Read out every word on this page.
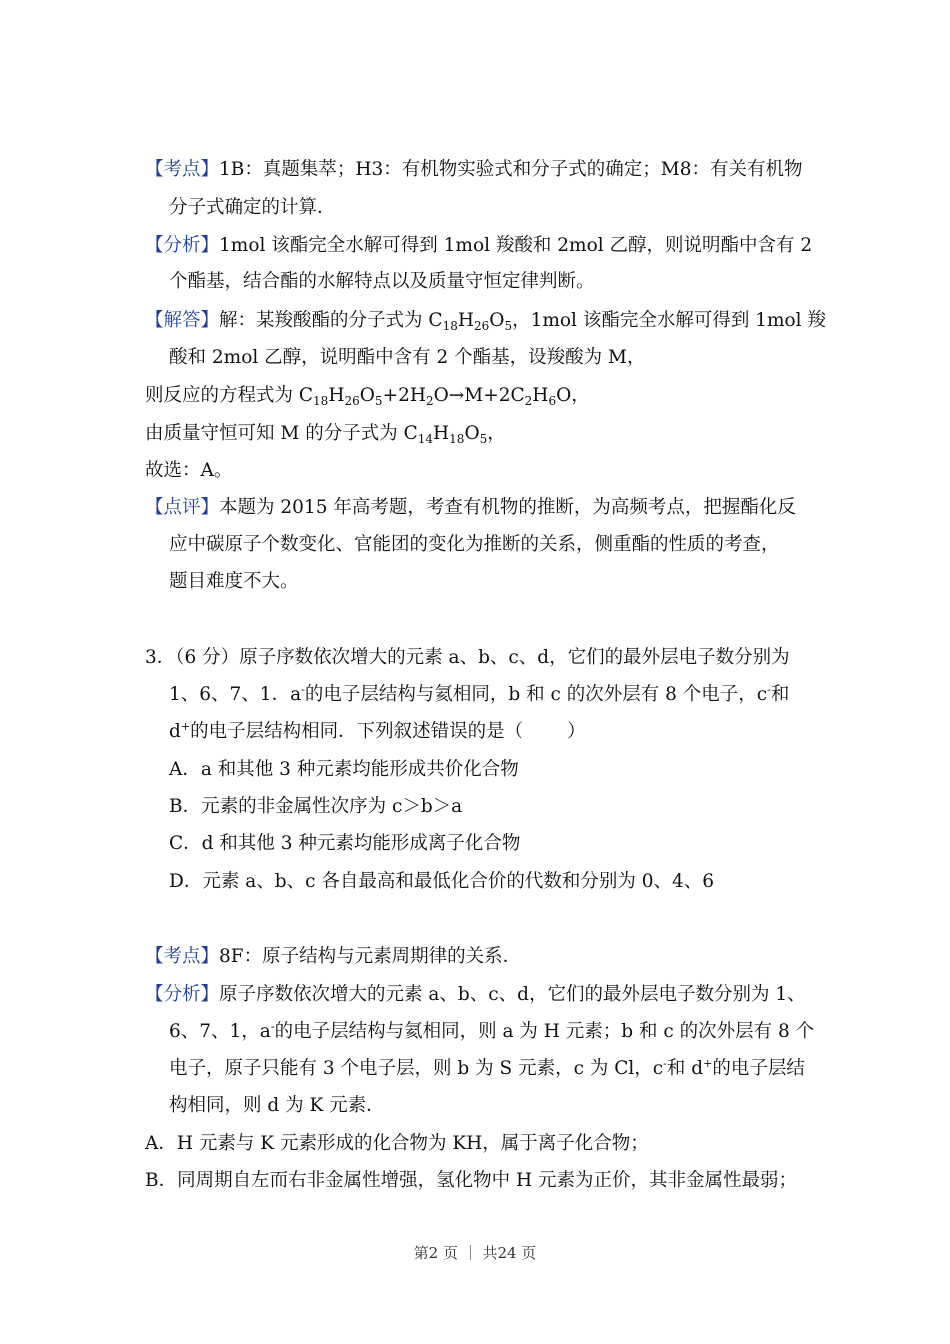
【考点】1B：真题集萃；H3：有机物实验式和分子式的确定；M8：有关有机物

分子式确定的计算．

【分析】1mol 该酯完全水解可得到 1mol 羧酸和 2mol 乙醇，则说明酯中含有 2

个酯基，结合酯的水解特点以及质量守恒定律判断。

【解答】解：某羧酸酯的分子式为 $C_{18}H_{26}O_5$，1mol 该酯完全水解可得到 1mol 羧

酸和 2mol 乙醇，说明酯中含有 2 个酯基，设羧酸为 M，

则反应的方程式为 $C_{18}H_{26}O_5+2H_2O\to M+2C_2H_6O$，

由质量守恒可知 M 的分子式为 $C_{14}H_{18}O_5$，

故选：A。

【点评】本题为 2015 年高考题，考查有机物的推断，为高频考点，把握酯化反

应中碳原子个数变化、官能团的变化为推断的关系，侧重酯的性质的考查，

题目难度不大。

3．（6 分）原子序数依次增大的元素 a、b、c、d，它们的最外层电子数分别为

1、6、7、1．a-的电子层结构与氦相同，b 和 c 的次外层有 8 个电子，c-和

d+的电子层结构相同．下列叙述错误的是（ ）

A．a 和其他 3 种元素均能形成共价化合物

B．元素的非金属性次序为 c＞b＞a

C．d 和其他 3 种元素均能形成离子化合物

D．元素 a、b、c 各自最高和最低化合价的代数和分别为 0、4、6

【考点】8F：原子结构与元素周期律的关系．

【分析】原子序数依次增大的元素 a、b、c、d，它们的最外层电子数分别为 1、

6、7、1，a-的电子层结构与氦相同，则 a 为 H 元素；b 和 c 的次外层有 8 个

电子，原子只能有 3 个电子层，则 b 为 S 元素，c 为 Cl，c-和 d+的电子层结

构相同，则 d 为 K 元素．

A．H 元素与 K 元素形成的化合物为 KH，属于离子化合物；

B．同周期自左而右非金属性增强，氢化物中 H 元素为正价，其非金属性最弱；

第2 页 ｜ 共24 页
